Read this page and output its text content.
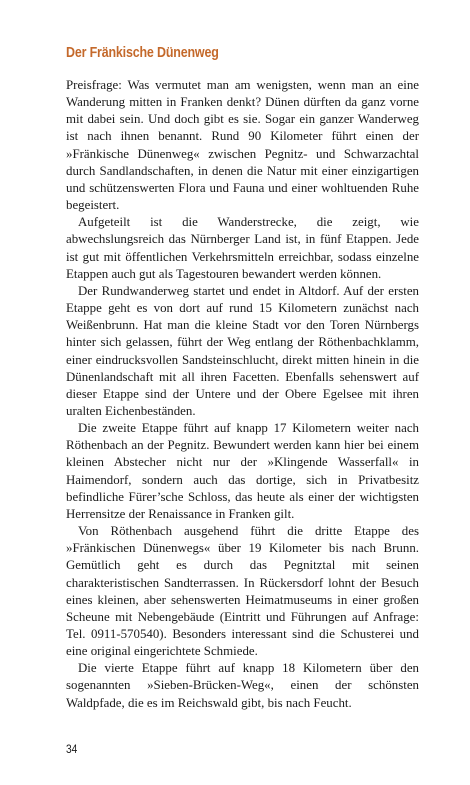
Der Fränkische Dünenweg

Preisfrage: Was vermutet man am wenigsten, wenn man an eine Wanderung mitten in Franken denkt? Dünen dürften da ganz vorne mit dabei sein. Und doch gibt es sie. Sogar ein ganzer Wanderweg ist nach ihnen benannt. Rund 90 Kilometer führt einen der »Fränkische Dünenweg« zwischen Pegnitz- und Schwarzachtal durch Sandlandschaften, in denen die Natur mit einer einzigartigen und schützenswerten Flora und Fauna und einer wohltuenden Ruhe begeistert.

Aufgeteilt ist die Wanderstrecke, die zeigt, wie abwechslungsreich das Nürnberger Land ist, in fünf Etappen. Jede ist gut mit öffentlichen Verkehrsmitteln erreichbar, sodass einzelne Etappen auch gut als Tagestouren bewandert werden können.

Der Rundwanderweg startet und endet in Altdorf. Auf der ersten Etappe geht es von dort auf rund 15 Kilometern zunächst nach Weißenbrunn. Hat man die kleine Stadt vor den Toren Nürnbergs hinter sich gelassen, führt der Weg entlang der Röthenbachklamm, einer eindrucksvollen Sandsteinschlucht, direkt mitten hinein in die Dünenlandschaft mit all ihren Facetten. Ebenfalls sehenswert auf dieser Etappe sind der Untere und der Obere Egelsee mit ihren uralten Eichenbeständen.

Die zweite Etappe führt auf knapp 17 Kilometern weiter nach Röthenbach an der Pegnitz. Bewundert werden kann hier bei einem kleinen Abstecher nicht nur der »Klingende Wasserfall« in Haimendorf, sondern auch das dortige, sich in Privatbesitz befindliche Fürer’sche Schloss, das heute als einer der wichtigsten Herrensitze der Renaissance in Franken gilt.

Von Röthenbach ausgehend führt die dritte Etappe des »Fränkischen Dünenwegs« über 19 Kilometer bis nach Brunn. Gemütlich geht es durch das Pegnitztal mit seinen charakteristischen Sandterrassen. In Rückersdorf lohnt der Besuch eines kleinen, aber sehenswerten Heimatmuseums in einer großen Scheune mit Nebengebäude (Eintritt und Führungen auf Anfrage: Tel. 0911-570540). Besonders interessant sind die Schusterei und eine original eingerichtete Schmiede.

Die vierte Etappe führt auf knapp 18 Kilometern über den sogenannten »Sieben-Brücken-Weg«, einen der schönsten Waldpfade, die es im Reichswald gibt, bis nach Feucht.

34
